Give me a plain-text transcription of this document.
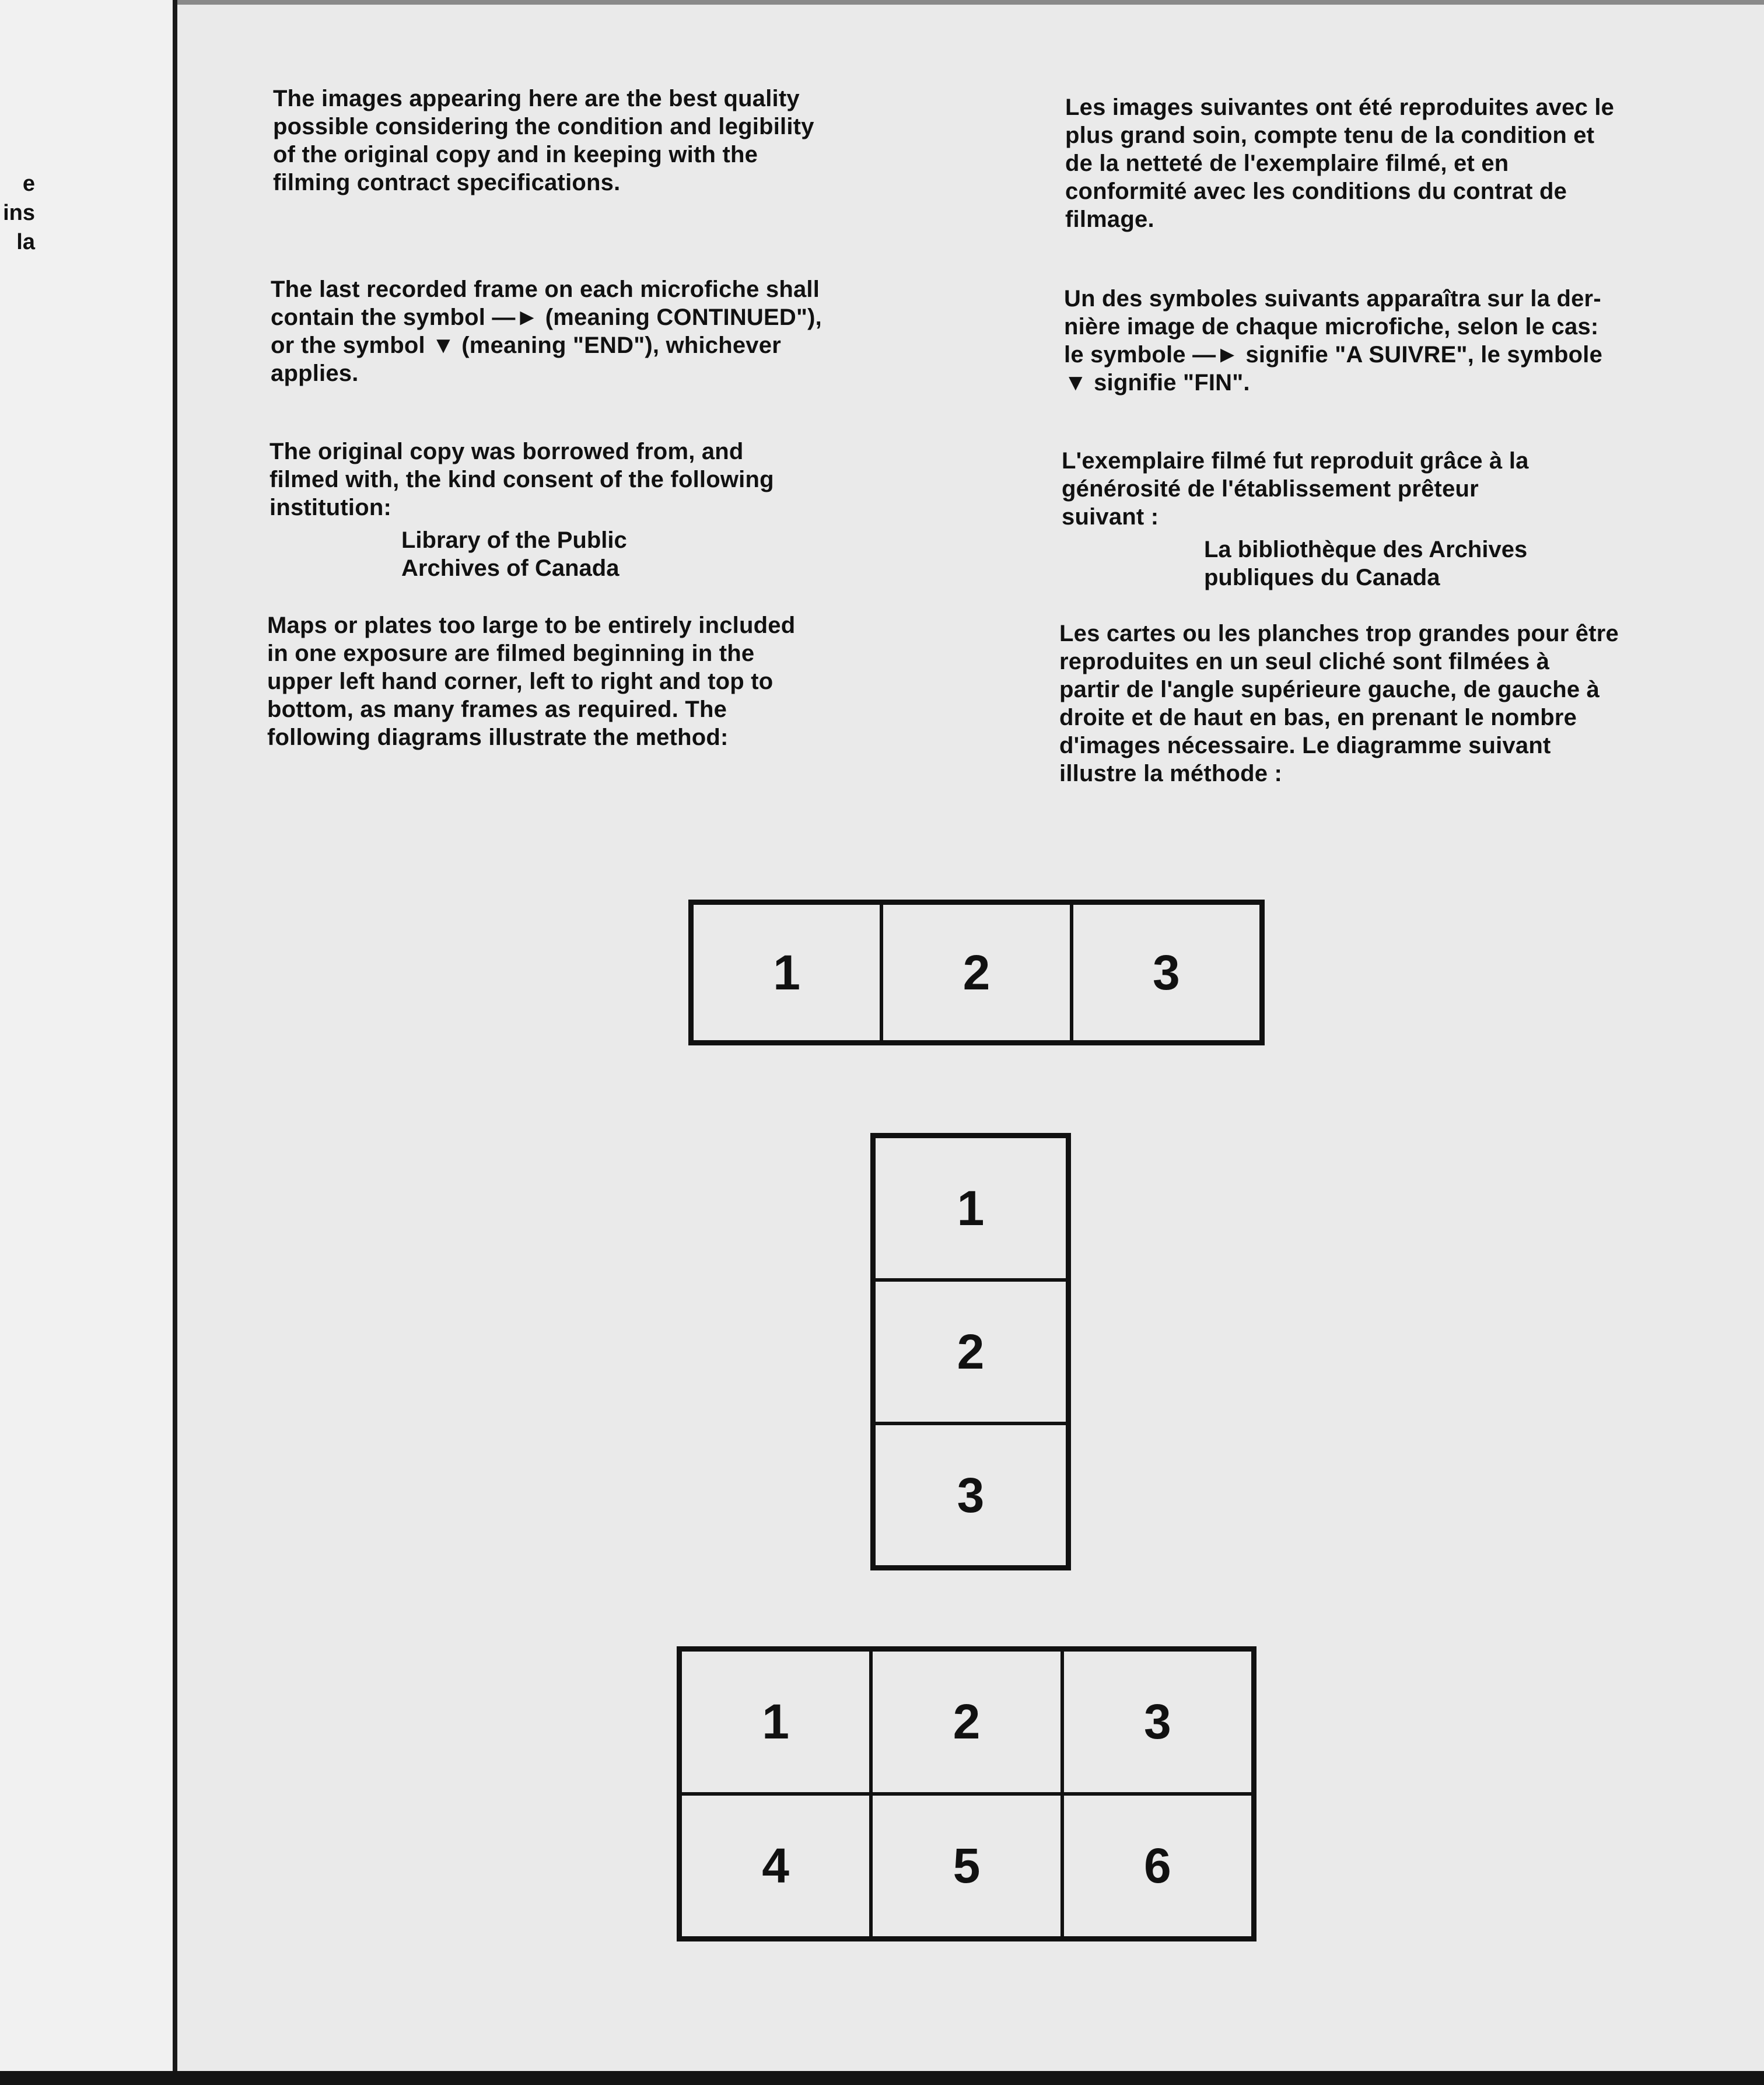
e
ins
la
The images appearing here are the best quality
possible considering the condition and legibility
of the original copy and in keeping with the
filming contract specifications.
The last recorded frame on each microfiche shall
contain the symbol —► (meaning CONTINUED"),
or the symbol ▼ (meaning "END"), whichever
applies.
The original copy was borrowed from, and
filmed with, the kind consent of the following
institution:
Library of the Public
Archives of Canada
Maps or plates too large to be entirely included
in one exposure are filmed beginning in the
upper left hand corner, left to right and top to
bottom, as many frames as required. The
following diagrams illustrate the method:
Les images suivantes ont été reproduites avec le
plus grand soin, compte tenu de la condition et
de la netteté de l'exemplaire filmé, et en
conformité avec les conditions du contrat de
filmage.
Un des symboles suivants apparaîtra sur la der-
nière image de chaque microfiche, selon le cas:
le symbole —► signifie "A SUIVRE", le symbole
▼ signifie "FIN".
L'exemplaire filmé fut reproduit grâce à la
générosité de l'établissement prêteur
suivant :
La bibliothèque des Archives
publiques du Canada
Les cartes ou les planches trop grandes pour être
reproduites en un seul cliché sont filmées à
partir de l'angle supérieure gauche, de gauche à
droite et de haut en bas, en prenant le nombre
d'images nécessaire. Le diagramme suivant
illustre la méthode :
1	2	3
1
2
3
1	2	3
4	5	6
